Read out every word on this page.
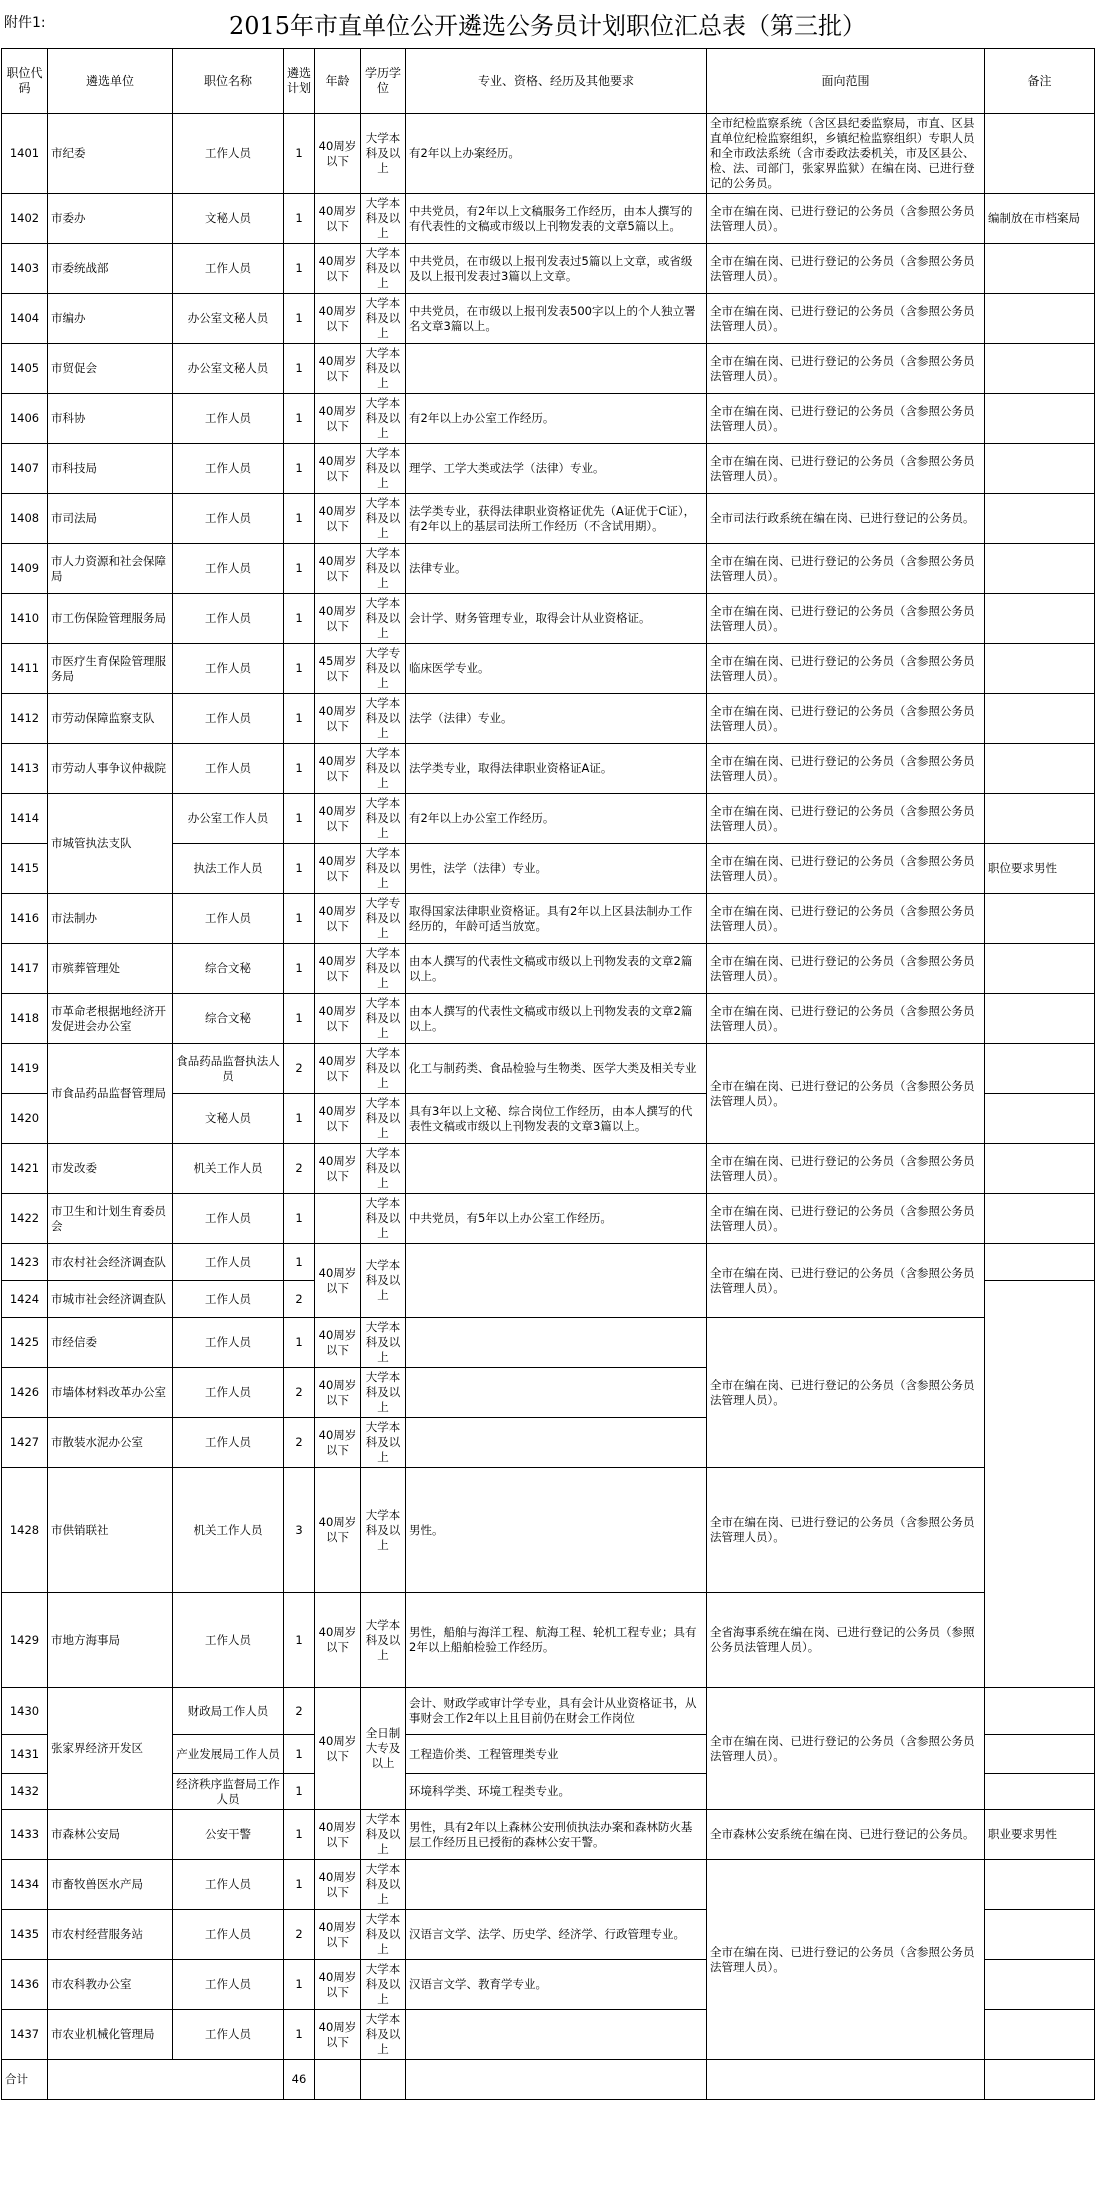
2015年市直单位公开遴选公务员计划职位汇总表（第三批）
附件1:
职位代码	遴选单位	职位名称	遴选计划	年龄	学历学位	专业、资格、经历及其他要求	面向范围	备注	
1401	市纪委	工作人员	1	40周岁以下	大学本科及以上	有2年以上办案经历。	全市纪检监察系统（含区县纪委监察局，市直、区县直单位纪检监察组织，乡镇纪检监察组织）专职人员和全市政法系统（含市委政法委机关，市及区县公、检、法、司部门，张家界监狱）在编在岗、已进行登记的公务员。		
1402	市委办	文秘人员	1	40周岁以下	大学本科及以上	中共党员，有2年以上文稿服务工作经历，由本人撰写的有代表性的文稿或市级以上刊物发表的文章5篇以上。	全市在编在岗、已进行登记的公务员（含参照公务员法管理人员）。	编制放在市档案局	
1403	市委统战部	工作人员	1	40周岁以下	大学本科及以上	中共党员，在市级以上报刊发表过5篇以上文章，或省级及以上报刊发表过3篇以上文章。	全市在编在岗、已进行登记的公务员（含参照公务员法管理人员）。		
1404	市编办	办公室文秘人员	1	40周岁以下	大学本科及以上	中共党员，在市级以上报刊发表500字以上的个人独立署名文章3篇以上。	全市在编在岗、已进行登记的公务员（含参照公务员法管理人员）。		
1405	市贸促会	办公室文秘人员	1	40周岁以下	大学本科及以上		全市在编在岗、已进行登记的公务员（含参照公务员法管理人员）。		
1406	市科协	工作人员	1	40周岁以下	大学本科及以上	有2年以上办公室工作经历。	全市在编在岗、已进行登记的公务员（含参照公务员法管理人员）。		
1407	市科技局	工作人员	1	40周岁以下	大学本科及以上	理学、工学大类或法学（法律）专业。	全市在编在岗、已进行登记的公务员（含参照公务员法管理人员）。		
1408	市司法局	工作人员	1	40周岁以下	大学本科及以上	法学类专业，获得法律职业资格证优先（A证优于C证），有2年以上的基层司法所工作经历（不含试用期）。	全市司法行政系统在编在岗、已进行登记的公务员。		
1409	市人力资源和社会保障局	工作人员	1	40周岁以下	大学本科及以上	法律专业。	全市在编在岗、已进行登记的公务员（含参照公务员法管理人员）。		
1410	市工伤保险管理服务局	工作人员	1	40周岁以下	大学本科及以上	会计学、财务管理专业，取得会计从业资格证。	全市在编在岗、已进行登记的公务员（含参照公务员法管理人员）。		
1411	市医疗生育保险管理服务局	工作人员	1	45周岁以下	大学专科及以上	临床医学专业。	全市在编在岗、已进行登记的公务员（含参照公务员法管理人员）。		
1412	市劳动保障监察支队	工作人员	1	40周岁以下	大学本科及以上	法学（法律）专业。	全市在编在岗、已进行登记的公务员（含参照公务员法管理人员）。		
1413	市劳动人事争议仲裁院	工作人员	1	40周岁以下	大学本科及以上	法学类专业，取得法律职业资格证A证。	全市在编在岗、已进行登记的公务员（含参照公务员法管理人员）。		
1414	市城管执法支队	办公室工作人员	1	40周岁以下	大学本科及以上	有2年以上办公室工作经历。	全市在编在岗、已进行登记的公务员（含参照公务员法管理人员）。		
1415		执法工作人员	1	40周岁以下	大学本科及以上	男性，法学（法律）专业。	全市在编在岗、已进行登记的公务员（含参照公务员法管理人员）。	职位要求男性	
1416	市法制办	工作人员	1	40周岁以下	大学专科及以上	取得国家法律职业资格证。具有2年以上区县法制办工作经历的，年龄可适当放宽。	全市在编在岗、已进行登记的公务员（含参照公务员法管理人员）。		
1417	市殡葬管理处	综合文秘	1	40周岁以下	大学本科及以上	由本人撰写的代表性文稿或市级以上刊物发表的文章2篇以上。	全市在编在岗、已进行登记的公务员（含参照公务员法管理人员）。		
1418	市革命老根据地经济开发促进会办公室	综合文秘	1	40周岁以下	大学本科及以上	由本人撰写的代表性文稿或市级以上刊物发表的文章2篇以上。	全市在编在岗、已进行登记的公务员（含参照公务员法管理人员）。		
1419	市食品药品监督管理局	食品药品监督执法人员	2	40周岁以下	大学本科及以上	化工与制药类、食品检验与生物类、医学大类及相关专业	全市在编在岗、已进行登记的公务员（含参照公务员法管理人员）。		
1420		文秘人员	1	40周岁以下	大学本科及以上	具有3年以上文秘、综合岗位工作经历，由本人撰写的代表性文稿或市级以上刊物发表的文章3篇以上。			
1421	市发改委	机关工作人员	2	40周岁以下	大学本科及以上		全市在编在岗、已进行登记的公务员（含参照公务员法管理人员）。		
1422	市卫生和计划生育委员会	工作人员	1		大学本科及以上	中共党员，有5年以上办公室工作经历。	全市在编在岗、已进行登记的公务员（含参照公务员法管理人员）。		
1423	市农村社会经济调查队	工作人员	1	40周岁以下	大学本科及以上		全市在编在岗、已进行登记的公务员（含参照公务员法管理人员）。		
1424	市城市社会经济调查队	工作人员	2						
1425	市经信委	工作人员	1	40周岁以下	大学本科及以上		全市在编在岗、已进行登记的公务员（含参照公务员法管理人员）。		
1426	市墙体材料改革办公室	工作人员	2	40周岁以下	大学本科及以上				
1427	市散装水泥办公室	工作人员	2	40周岁以下	大学本科及以上				
1428	市供销联社	机关工作人员	3	40周岁以下	大学本科及以上	男性。	全市在编在岗、已进行登记的公务员（含参照公务员法管理人员）。	
1429	市地方海事局	工作人员	1	40周岁以下	大学本科及以上	男性，船舶与海洋工程、航海工程、轮机工程专业；具有2年以上船舶检验工作经历。	全省海事系统在编在岗、已进行登记的公务员（参照公务员法管理人员）。	
1430	张家界经济开发区	财政局工作人员	2	40周岁以下	全日制大专及以上	会计、财政学或审计学专业，具有会计从业资格证书，从事财会工作2年以上且目前仍在财会工作岗位	全市在编在岗、已进行登记的公务员（含参照公务员法管理人员）。		
1431		产业发展局工作人员	1			工程造价类、工程管理类专业			
1432		经济秩序监督局工作人员	1			环境科学类、环境工程类专业。			
1433	市森林公安局	公安干警	1	40周岁以下	大学本科及以上	男性，具有2年以上森林公安刑侦执法办案和森林防火基层工作经历且已授衔的森林公安干警。	全市森林公安系统在编在岗、已进行登记的公务员。	职业要求男性	
1434	市畜牧兽医水产局	工作人员	1	40周岁以下	大学本科及以上		全市在编在岗、已进行登记的公务员（含参照公务员法管理人员）。		
1435	市农村经营服务站	工作人员	2	40周岁以下	大学本科及以上	汉语言文学、法学、历史学、经济学、行政管理专业。			
1436	市农科教办公室	工作人员	1	40周岁以下	大学本科及以上	汉语言文学、教育学专业。			
1437	市农业机械化管理局	工作人员	1	40周岁以下	大学本科及以上				
合计			46						
